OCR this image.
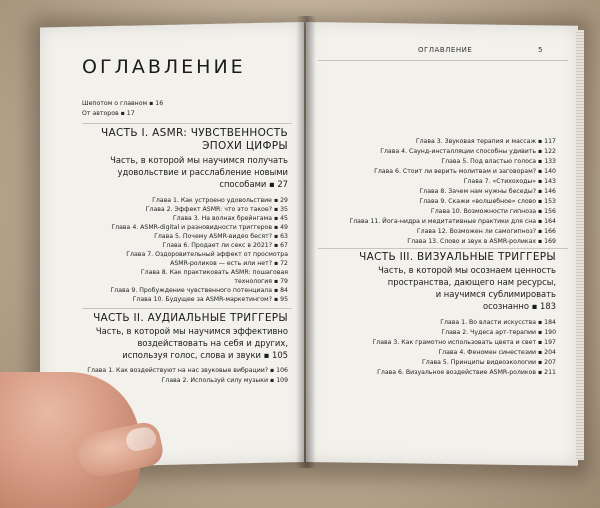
ОГЛАВЛЕНИЕ
Шепотом о главном ▪ 16
От авторов ▪ 17
ЧАСТЬ I. ASMR: ЧУВСТВЕННОСТЬ
ЭПОХИ ЦИФРЫ
Часть, в которой мы научимся получать
удовольствие и расслабление новыми
способами ▪ 27
Глава 1. Как устроено удовольствие ▪ 29
Глава 2. Эффект ASMR: что это такое? ▪ 35
Глава 3. На волнах брейнгама ▪ 45
Глава 4. ASMR-digital и разновидности триггеров ▪ 49
Глава 5. Почему ASMR-видео бесят? ▪ 63
Глава 6. Продает ли секс в 2021? ▪ 67
Глава 7. Оздоровительный эффект от просмотра
ASMR-роликов — есть или нет? ▪ 72
Глава 8. Как практиковать ASMR: пошаговая
технология ▪ 79
Глава 9. Пробуждение чувственного потенциала ▪ 84
Глава 10. Будущее за ASMR-маркетингом? ▪ 95
ЧАСТЬ II. АУДИАЛЬНЫЕ ТРИГГЕРЫ
Часть, в которой мы научимся эффективно
воздействовать на себя и других,
используя голос, слова и звуки ▪ 105
Глава 1. Как воздействуют на нас звуковые вибрации? ▪ 106
Глава 2. Используй силу музыки ▪ 109
ОГЛАВЛЕНИЕ	5
Глава 3. Звуковая терапия и массаж ▪ 117
Глава 4. Саунд-инсталляции способны удивить ▪ 122
Глава 5. Под властью голоса ▪ 133
Глава 6. Стоит ли верить молитвам и заговорам? ▪ 140
Глава 7. «Стихоходы» ▪ 143
Глава 8. Зачем нам нужны беседы? ▪ 146
Глава 9. Скажи «волшебное» слово ▪ 153
Глава 10. Возможности гипноза ▪ 156
Глава 11. Йога-нидра и медитативные практики для сна ▪ 164
Глава 12. Возможен ли самогипноз? ▪ 166
Глава 13. Слово и звук в ASMR-роликах ▪ 169
ЧАСТЬ III. ВИЗУАЛЬНЫЕ ТРИГГЕРЫ
Часть, в которой мы осознаем ценность
пространства, дающего нам ресурсы,
и научимся сублимировать
осознанно ▪ 183
Глава 1. Во власти искусства ▪ 184
Глава 2. Чудеса арт-терапии ▪ 190
Глава 3. Как грамотно использовать цвета и свет ▪ 197
Глава 4. Феномен синестезии ▪ 204
Глава 5. Принципы видеоэкологии ▪ 207
Глава 6. Визуальное воздействие ASMR-роликов ▪ 211
